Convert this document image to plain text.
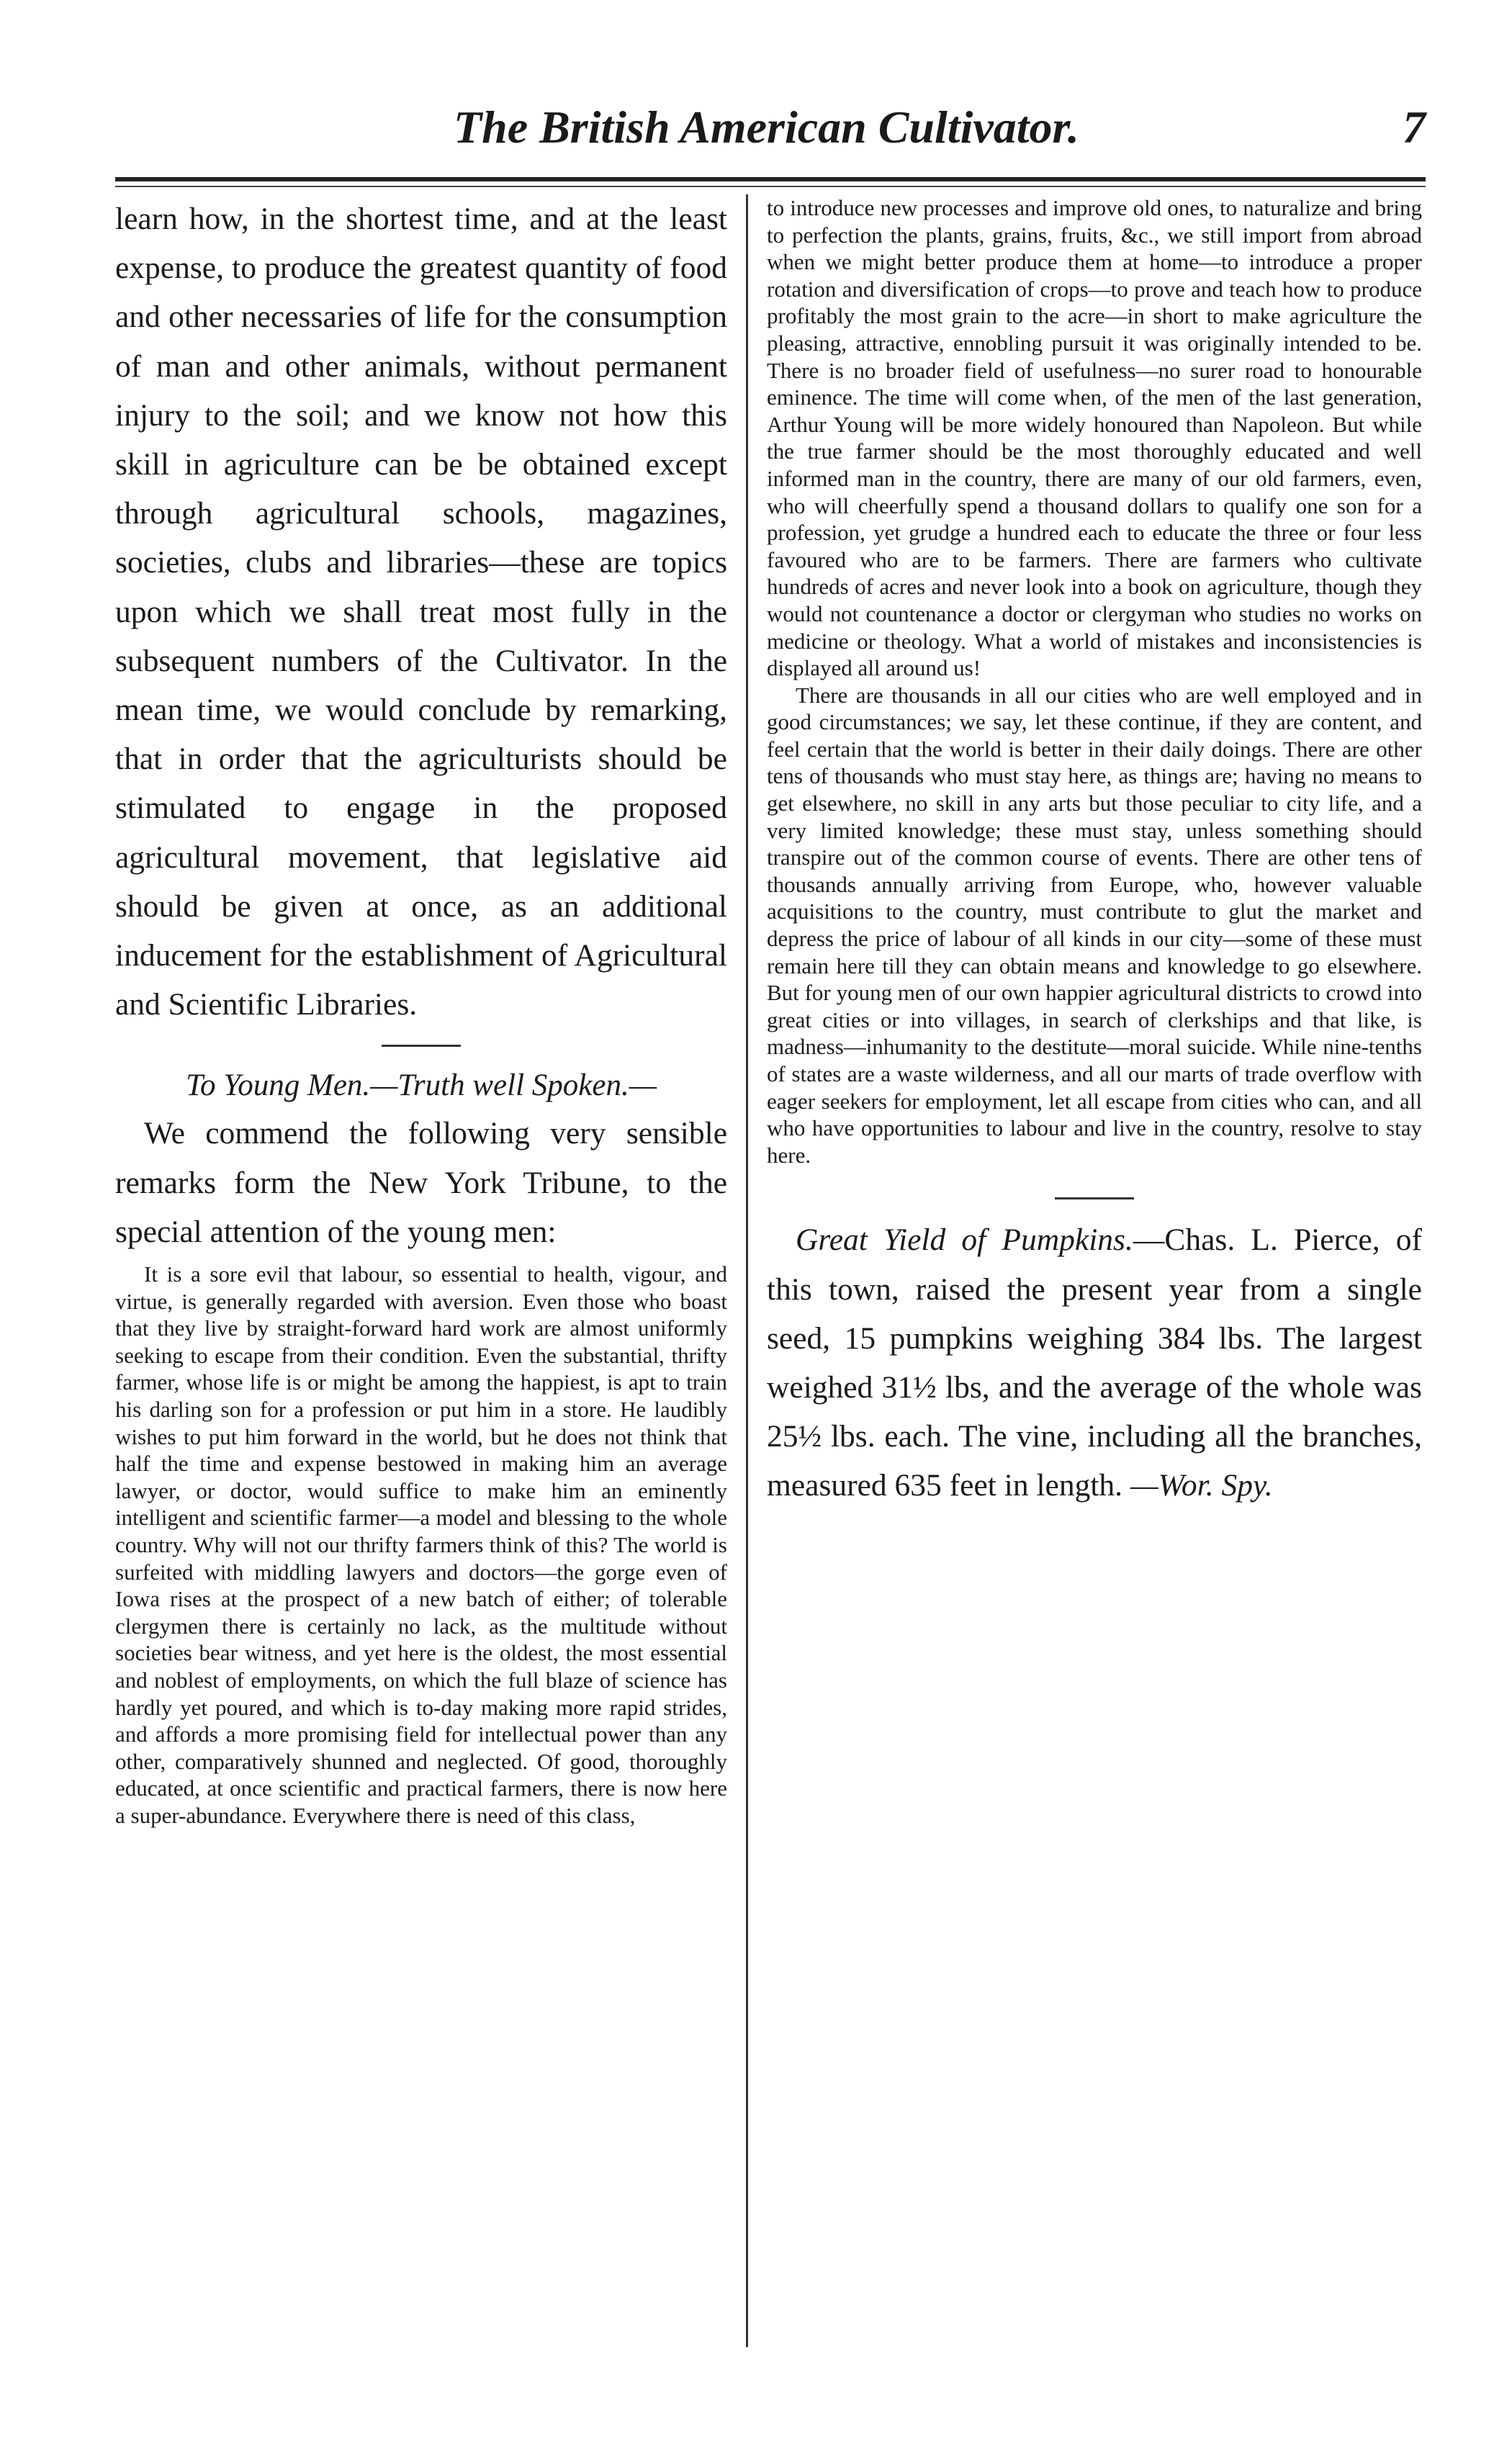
The British American Cultivator.	7

learn how, in the shortest time, and at the least expense, to produce the greatest quantity of food and other necessaries of life for the consumption of man and other animals, without permanent injury to the soil; and we know not how this skill in agriculture can be be obtained except through agricultural schools, magazines, societies, clubs and libraries—these are topics upon which we shall treat most fully in the subsequent numbers of the Cultivator. In the mean time, we would conclude by remarking, that in order that the agriculturists should be stimulated to engage in the proposed agricultural movement, that legislative aid should be given at once, as an additional inducement for the establishment of Agricultural and Scientific Libraries.

To Young Men.—Truth well Spoken.—

We commend the following very sensible remarks form the New York Tribune, to the special attention of the young men:

It is a sore evil that labour, so essential to health, vigour, and virtue, is generally regarded with aversion. Even those who boast that they live by straight-forward hard work are almost uniformly seeking to escape from their condition. Even the substantial, thrifty farmer, whose life is or might be among the happiest, is apt to train his darling son for a profession or put him in a store. He laudibly wishes to put him forward in the world, but he does not think that half the time and expense bestowed in making him an average lawyer, or doctor, would suffice to make him an eminently intelligent and scientific farmer—a model and blessing to the whole country. Why will not our thrifty farmers think of this? The world is surfeited with middling lawyers and doctors—the gorge even of Iowa rises at the prospect of a new batch of either; of tolerable clergymen there is certainly no lack, as the multitude without societies bear witness, and yet here is the oldest, the most essential and noblest of employments, on which the full blaze of science has hardly yet poured, and which is to-day making more rapid strides, and affords a more promising field for intellectual power than any other, comparatively shunned and neglected. Of good, thoroughly educated, at once scientific and practical farmers, there is now here a super-abundance. Everywhere there is need of this class,

to introduce new processes and improve old ones, to naturalize and bring to perfection the plants, grains, fruits, &c., we still import from abroad when we might better produce them at home—to introduce a proper rotation and diversification of crops—to prove and teach how to produce profitably the most grain to the acre—in short to make agriculture the pleasing, attractive, ennobling pursuit it was originally intended to be. There is no broader field of usefulness—no surer road to honourable eminence. The time will come when, of the men of the last generation, Arthur Young will be more widely honoured than Napoleon. But while the true farmer should be the most thoroughly educated and well informed man in the country, there are many of our old farmers, even, who will cheerfully spend a thousand dollars to qualify one son for a profession, yet grudge a hundred each to educate the three or four less favoured who are to be farmers. There are farmers who cultivate hundreds of acres and never look into a book on agriculture, though they would not countenance a doctor or clergyman who studies no works on medicine or theology. What a world of mistakes and inconsistencies is displayed all around us!

There are thousands in all our cities who are well employed and in good circumstances; we say, let these continue, if they are content, and feel certain that the world is better in their daily doings. There are other tens of thousands who must stay here, as things are; having no means to get elsewhere, no skill in any arts but those peculiar to city life, and a very limited knowledge; these must stay, unless something should transpire out of the common course of events. There are other tens of thousands annually arriving from Europe, who, however valuable acquisitions to the country, must contribute to glut the market and depress the price of labour of all kinds in our city—some of these must remain here till they can obtain means and knowledge to go elsewhere. But for young men of our own happier agricultural districts to crowd into great cities or into villages, in search of clerkships and that like, is madness—inhumanity to the destitute—moral suicide. While nine-tenths of states are a waste wilderness, and all our marts of trade overflow with eager seekers for employment, let all escape from cities who can, and all who have opportunities to labour and live in the country, resolve to stay here.

Great Yield of Pumpkins.—Chas. L. Pierce, of this town, raised the present year from a single seed, 15 pumpkins weighing 384 lbs. The largest weighed 31½ lbs, and the average of the whole was 25½ lbs. each. The vine, including all the branches, measured 635 feet in length. —Wor. Spy.
